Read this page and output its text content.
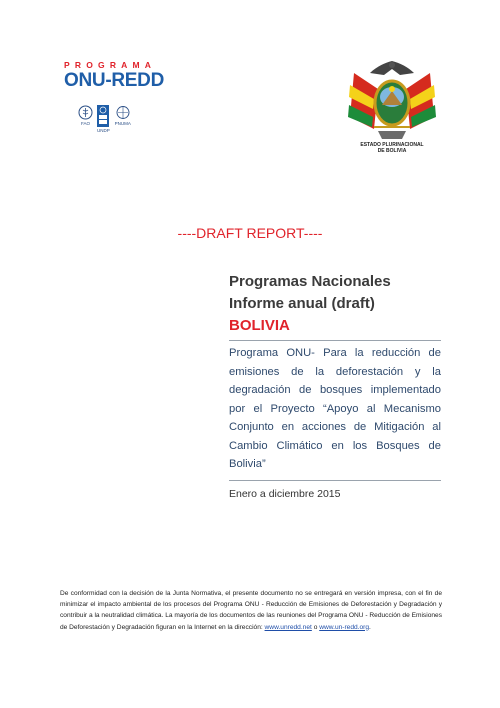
PROGRAMA
ONU-REDD
FAO
UNDP
PNUMA
ESTADO PLURINACIONAL
DE BOLIVIA
----DRAFT REPORT----
Programas Nacionales
Informe anual (draft)
BOLIVIA
Programa ONU- Para la reducción de emisiones de la deforestación y la degradación de bosques implementado por el Proyecto “Apoyo al Mecanismo Conjunto en acciones de Mitigación al Cambio Climático en los Bosques de Bolivia”
Enero a diciembre 2015
De conformidad con la decisión de la Junta Normativa, el presente documento no se entregará en versión impresa, con el fin de minimizar el impacto ambiental de los procesos del Programa ONU - Reducción de Emisiones de Deforestación y Degradación y contribuir a la neutralidad climática. La mayoría de los documentos de las reuniones del Programa ONU - Reducción de Emisiones de Deforestación y Degradación figuran en la Internet en la dirección: www.unredd.net o www.un-redd.org.
